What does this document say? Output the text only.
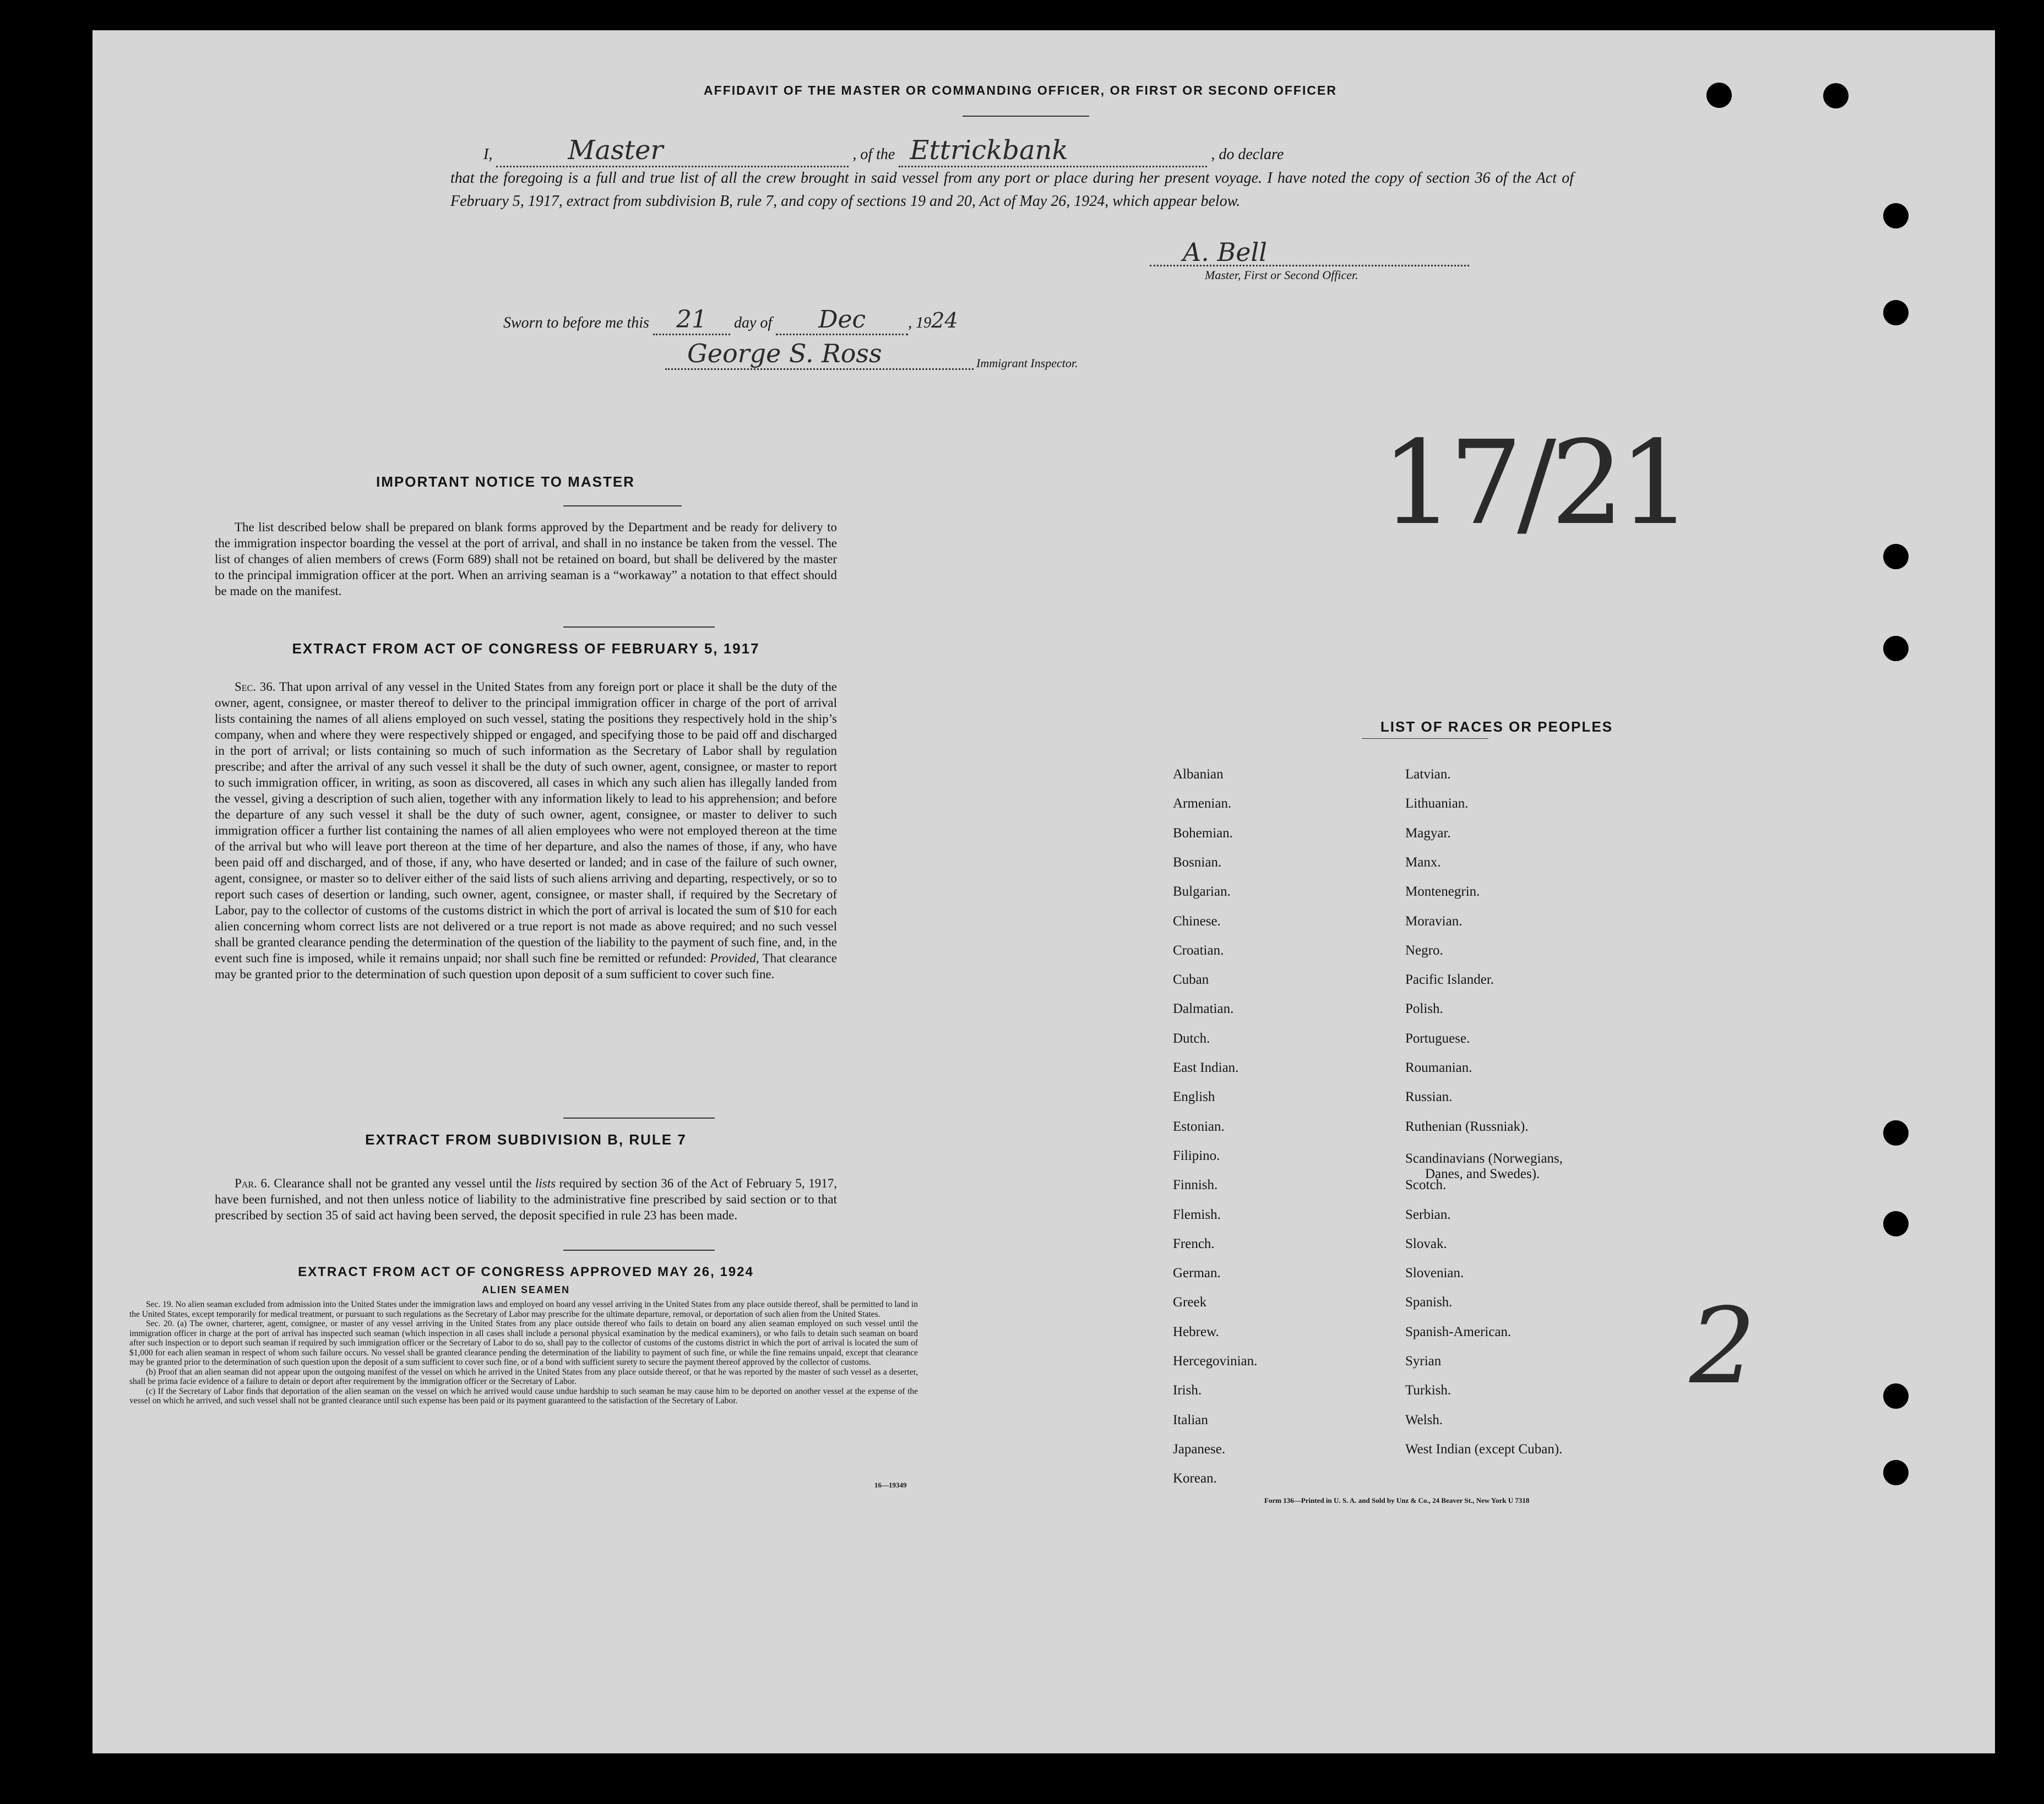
AFFIDAVIT OF THE MASTER OR COMMANDING OFFICER, OR FIRST OR SECOND OFFICER
I,	Master	, of the Ettrickbank	, do declare
that the foregoing is a full and true list of all the crew brought in said vessel from any port or place during her present voyage. I have noted the copy of section 36 of the Act of February 5, 1917, extract from subdivision B, rule 7, and copy of sections 19 and 20, Act of May 26, 1924, which appear below.
A. Bell
Master, First or Second Officer.
Sworn to before me this 21 day of Dec	, 1924
George S. Ross	Immigrant Inspector.
17/21
2
IMPORTANT NOTICE TO MASTER

The list described below shall be prepared on blank forms approved by the Department and be ready for delivery to the immigration inspector boarding the vessel at the port of arrival, and shall in no instance be taken from the vessel. The list of changes of alien members of crews (Form 689) shall not be retained on board, but shall be delivered by the master to the principal immigration officer at the port. When an arriving seaman is a “workaway” a notation to that effect should be made on the manifest.

EXTRACT FROM ACT OF CONGRESS OF FEBRUARY 5, 1917

Sec. 36. That upon arrival of any vessel in the United States from any foreign port or place it shall be the duty of the owner, agent, consignee, or master thereof to deliver to the principal immigration officer in charge of the port of arrival lists containing the names of all aliens employed on such vessel, stating the positions they respectively hold in the ship’s company, when and where they were respectively shipped or engaged, and specifying those to be paid off and discharged in the port of arrival; or lists containing so much of such information as the Secretary of Labor shall by regulation prescribe; and after the arrival of any such vessel it shall be the duty of such owner, agent, consignee, or master to report to such immigration officer, in writing, as soon as discovered, all cases in which any such alien has illegally landed from the vessel, giving a description of such alien, together with any information likely to lead to his apprehension; and before the departure of any such vessel it shall be the duty of such owner, agent, consignee, or master to deliver to such immigration officer a further list containing the names of all alien employees who were not employed thereon at the time of the arrival but who will leave port thereon at the time of her departure, and also the names of those, if any, who have been paid off and discharged, and of those, if any, who have deserted or landed; and in case of the failure of such owner, agent, consignee, or master so to deliver either of the said lists of such aliens arriving and departing, respectively, or so to report such cases of desertion or landing, such owner, agent, consignee, or master shall, if required by the Secretary of Labor, pay to the collector of customs of the customs district in which the port of arrival is located the sum of $10 for each alien concerning whom correct lists are not delivered or a true report is not made as above required; and no such vessel shall be granted clearance pending the determination of the question of the liability to the payment of such fine, and, in the event such fine is imposed, while it remains unpaid; nor shall such fine be remitted or refunded: Provided, That clearance may be granted prior to the determination of such question upon deposit of a sum sufficient to cover such fine.

EXTRACT FROM SUBDIVISION B, RULE 7

Par. 6. Clearance shall not be granted any vessel until the lists required by section 36 of the Act of February 5, 1917, have been furnished, and not then unless notice of liability to the administrative fine prescribed by said section or to that prescribed by section 35 of said act having been served, the deposit specified in rule 23 has been made.

EXTRACT FROM ACT OF CONGRESS APPROVED MAY 26, 1924
ALIEN SEAMEN

Sec. 19. No alien seaman excluded from admission into the United States under the immigration laws and employed on board any vessel arriving in the United States from any place outside thereof, shall be permitted to land in the United States, except temporarily for medical treatment, or pursuant to such regulations as the Secretary of Labor may prescribe for the ultimate departure, removal, or deportation of such alien from the United States.

Sec. 20. (a) The owner, charterer, agent, consignee, or master of any vessel arriving in the United States from any place outside thereof who fails to detain on board any alien seaman employed on such vessel until the immigration officer in charge at the port of arrival has inspected such seaman (which inspection in all cases shall include a personal physical examination by the medical examiners), or who fails to detain such seaman on board after such inspection or to deport such seaman if required by such immigration officer or the Secretary of Labor to do so, shall pay to the collector of customs of the customs district in which the port of arrival is located the sum of $1,000 for each alien seaman in respect of whom such failure occurs. No vessel shall be granted clearance pending the determination of the liability to payment of such fine, or while the fine remains unpaid, except that clearance may be granted prior to the determination of such question upon the deposit of a sum sufficient to cover such fine, or of a bond with sufficient surety to secure the payment thereof approved by the collector of customs.

(b) Proof that an alien seaman did not appear upon the outgoing manifest of the vessel on which he arrived in the United States from any place outside thereof, or that he was reported by the master of such vessel as a deserter, shall be prima facie evidence of a failure to detain or deport after requirement by the immigration officer or the Secretary of Labor.

(c) If the Secretary of Labor finds that deportation of the alien seaman on the vessel on which he arrived would cause undue hardship to such seaman he may cause him to be deported on another vessel at the expense of the vessel on which he arrived, and such vessel shall not be granted clearance until such expense has been paid or its payment guaranteed to the satisfaction of the Secretary of Labor.

16—19349
LIST OF RACES OR PEOPLES
Form 136—Printed in U. S. A. and Sold by Unz & Co., 24 Beaver St., New York U 7318
Albanian
Armenian.
Bohemian.
Bosnian.
Bulgarian.
Chinese.
Croatian.
Cuban
Dalmatian.
Dutch.
East Indian.
English
Estonian.
Filipino.
Finnish.
Flemish.
French.
German.
Greek
Hebrew.
Hercegovinian.
Irish.
Italian
Japanese.
Korean.
Latvian.
Lithuanian.
Magyar.
Manx.
Montenegrin.
Moravian.
Negro.
Pacific Islander.
Polish.
Portuguese.
Roumanian.
Russian.
Ruthenian (Russniak).
Scandinavians (Norwegians,
Danes, and Swedes).
Scotch.
Serbian.
Slovak.
Slovenian.
Spanish.
Spanish-American.
Syrian
Turkish.
Welsh.
West Indian (except Cuban).
